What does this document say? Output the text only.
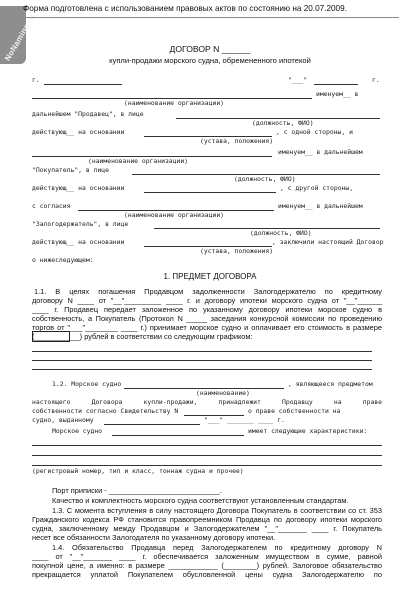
NoNaming.ru
Форма подготовлена с использованием правовых актов по состоянию на 20.07.2009.
ДОГОВОР N ______
купли-продажи морского судна, обремененного ипотекой
г.	"___"	г.
именуем__ в
(наименование организации)
дальнейшем "Продавец", в лице
(должность, ФИО)
действующ__ на основании	, с одной стороны, и
(устава, положения)
именуем__ в дальнейшем
(наименование организации)
"Покупатель", в лице
(должность, ФИО)
действующ__ на основании	, с другой стороны,
с согласия	именуем__ в дальнейшем
(наименование организации)
"Залогодержатель", в лице
(должность, ФИО)
действующ__ на основании	, заключили настоящий Договор
(устава, положения)
о нижеследующем:
1. ПРЕДМЕТ ДОГОВОРА
1.1. В целях погашения Продавцом задолженности Залогодержателю по кредитному
договору N ____ от "__"_________ ____ г. и договору ипотеки морского судна от "__"______
____ г. Продавец передает заложенное по указанному договору ипотеки морское судно в
собственность, а Покупатель (Протокол N _____ заседания конкурсной комиссии по проведению
торгов от "___"________ ____ г.) принимает морское судно и оплачивает его стоимость в размере
(___________) рублей в соответствии со следующим графиком:
1.2. Морское судно	, являющееся предметом
(наименование)
настоящего Договора купли-продажи, принадлежит Продавцу на праве
собственности согласно Свидетельству N	о праве собственности на
судно, выданному	"___" _______ ____ г.
Морское судно	имеет следующие характеристики:
(регистровый номер, тип и класс, тоннаж судна и прочее)
Порт приписки - ___________________________.
Качество и комплектность морского судна соответствуют установленным стандартам.
1.3. С момента вступления в силу настоящего Договора Покупатель в соответствии со ст. 353
Гражданского кодекса РФ становится правопреемником Продавца по договору ипотеки морского
судна, заключенному между Продавцом и Залогодержателем "__"_______ ____ г. Покупатель
несет все обязанности Залогодателя по указанному договору ипотеки.
1.4. Обязательство Продавца перед Залогодержателем по кредитному договору N
____ от "__"_______ ____ г. обеспечивается заложенным имуществом в сумме, равной
покупной цене, а именно: в размере ____________ (________) рублей. Залоговое обязательство
прекращается уплатой Покупателем обусловленной цены судна Залогодержателю по
